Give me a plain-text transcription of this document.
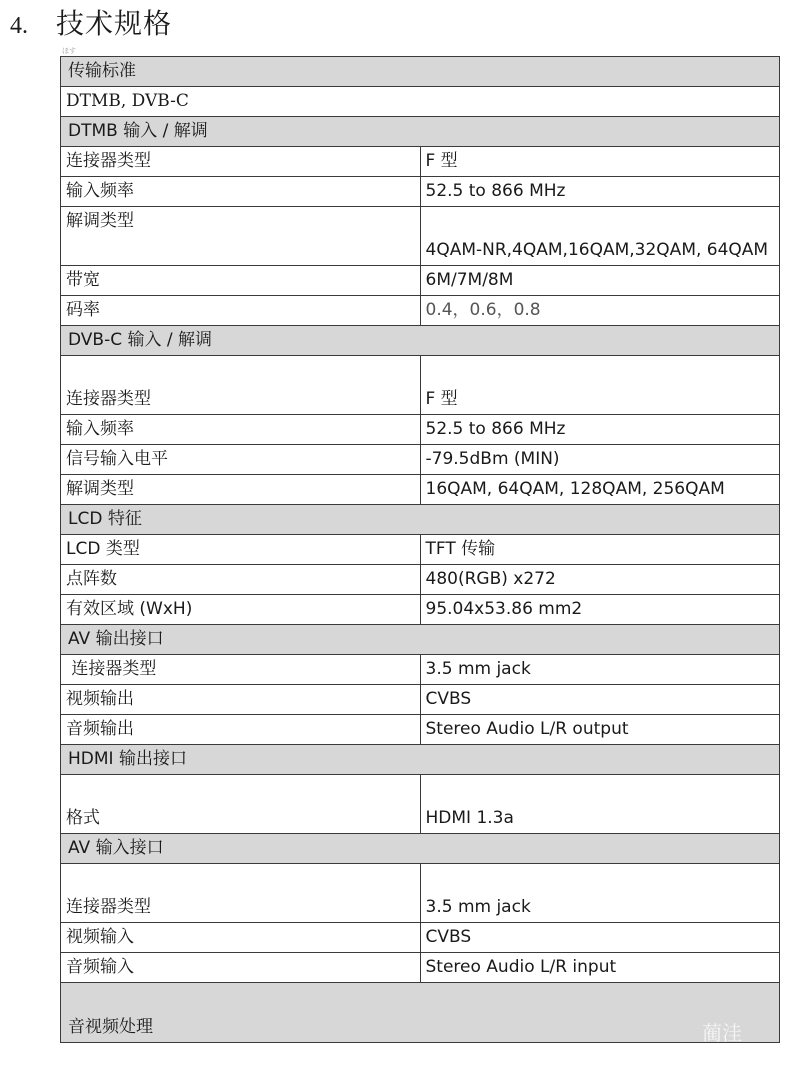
4. 技术规格
ほす
传输标准	
DTMB, DVB-C	
DTMB 输入 / 解调	
连接器类型	F 型
输入频率	52.5 to 866 MHz
解调类型	4QAM-NR,4QAM,16QAM,32QAM, 64QAM
带宽	6M/7M/8M
码率	0.4，0.6，0.8
DVB-C 输入 / 解调	
连接器类型	F 型
输入频率	52.5 to 866 MHz
信号输入电平	-79.5dBm (MIN)
解调类型	16QAM, 64QAM, 128QAM, 256QAM
LCD 特征	
LCD 类型	TFT 传输
点阵数	480(RGB) x272
有效区域 (WxH)	95.04x53.86 mm2
AV 输出接口	
连接器类型	3.5 mm jack
视频输出	CVBS
音频输出	Stereo Audio L/R output
HDMI 输出接口	
格式	HDMI 1.3a
AV 输入接口	
连接器类型	3.5 mm jack
视频输入	CVBS
音频输入	Stereo Audio L/R input
音视频处理		蔺洼
